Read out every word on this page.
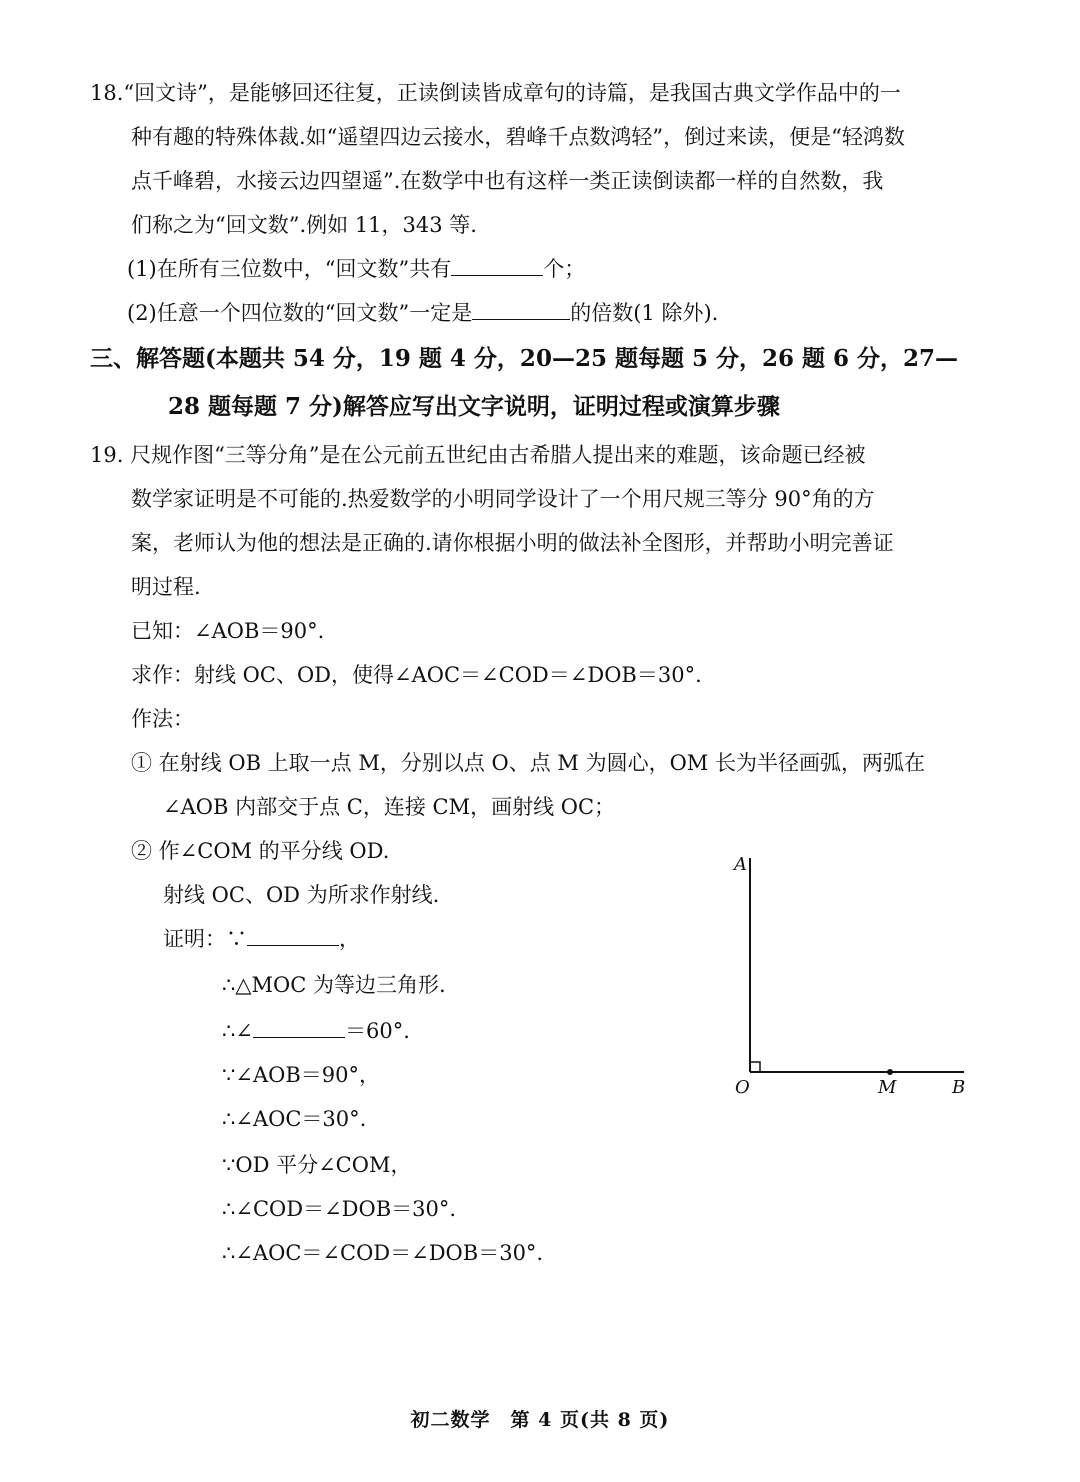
18.“回文诗”，是能够回还往复，正读倒读皆成章句的诗篇，是我国古典文学作品中的一
种有趣的特殊体裁.如“遥望四边云接水，碧峰千点数鸿轻”，倒过来读，便是“轻鸿数
点千峰碧，水接云边四望遥”.在数学中也有这样一类正读倒读都一样的自然数，我
们称之为“回文数”.例如 11，343 等.
(1)在所有三位数中，“回文数”共有	个；
(2)任意一个四位数的“回文数”一定是	的倍数(1 除外).
三、解答题(本题共 54 分，19 题 4 分，20—25 题每题 5 分，26 题 6 分，27—
28 题每题 7 分)解答应写出文字说明，证明过程或演算步骤
19. 尺规作图“三等分角”是在公元前五世纪由古希腊人提出来的难题，该命题已经被
数学家证明是不可能的.热爱数学的小明同学设计了一个用尺规三等分 90°角的方
案，老师认为他的想法是正确的.请你根据小明的做法补全图形，并帮助小明完善证
明过程.
已知：∠AOB＝90°.
求作：射线 OC、OD，使得∠AOC＝∠COD＝∠DOB＝30°.
作法：
① 在射线 OB 上取一点 M，分别以点 O、点 M 为圆心，OM 长为半径画弧，两弧在
∠AOB 内部交于点 C，连接 CM，画射线 OC；
② 作∠COM 的平分线 OD.
射线 OC、OD 为所求作射线.
证明：∵	，
∴△MOC 为等边三角形.
∴∠	＝60°.
∵∠AOB＝90°，
∴∠AOC＝30°.
∵OD 平分∠COM，
∴∠COD＝∠DOB＝30°.
∴∠AOC＝∠COD＝∠DOB＝30°.
A
O	M	B
初二数学　第 4 页(共 8 页)
